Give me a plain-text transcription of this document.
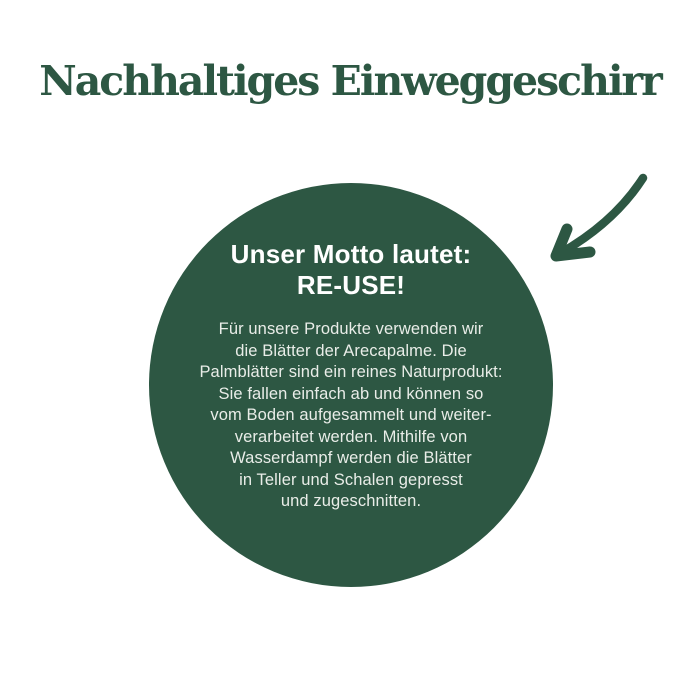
Nachhaltiges Einweggeschirr
Unser Motto lautet:
RE-USE!
Für unsere Produkte verwenden wir
die Blätter der Arecapalme. Die
Palmblätter sind ein reines Naturprodukt:
Sie fallen einfach ab und können so
vom Boden aufgesammelt und weiter-
verarbeitet werden. Mithilfe von
Wasserdampf werden die Blätter
in Teller und Schalen gepresst
und zugeschnitten.
